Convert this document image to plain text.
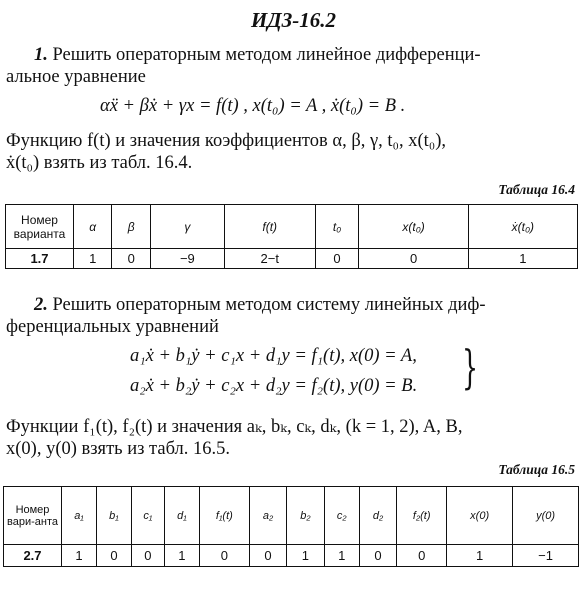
ИДЗ-16.2
1. Решить операторным методом линейное дифференци-
альное уравнение
αẍ + βẋ + γx = f(t) , x(t₀) = A , ẋ(t₀) = B .
Функцию f(t) и значения коэффициентов α, β, γ, t₀, x(t₀),
ẋ(t₀) взять из табл. 16.4.
Таблица 16.4
Номер варианта	α	β	γ	f(t)	t₀	x(t₀)	ẋ(t₀)
1.7	1	0	−9	2−t	0	0	1
2. Решить операторным методом систему линейных диф-
ференциальных уравнений
a₁ẋ + b₁ẏ + c₁x + d₁y = f₁(t), x(0) = A,
a₂ẋ + b₂ẏ + c₂x + d₂y = f₂(t), y(0) = B. }
Функции f₁(t), f₂(t) и значения aₖ, bₖ, cₖ, dₖ, (k = 1, 2), A, B,
x(0), y(0) взять из табл. 16.5.
Таблица 16.5
Номер вари-анта	a₁	b₁	c₁	d₁	f₁(t)	a₂	b₂	c₂	d₂	f₂(t)	x(0)	y(0)
2.7	1	0	0	1	0	0	1	1	0	0	1	−1
